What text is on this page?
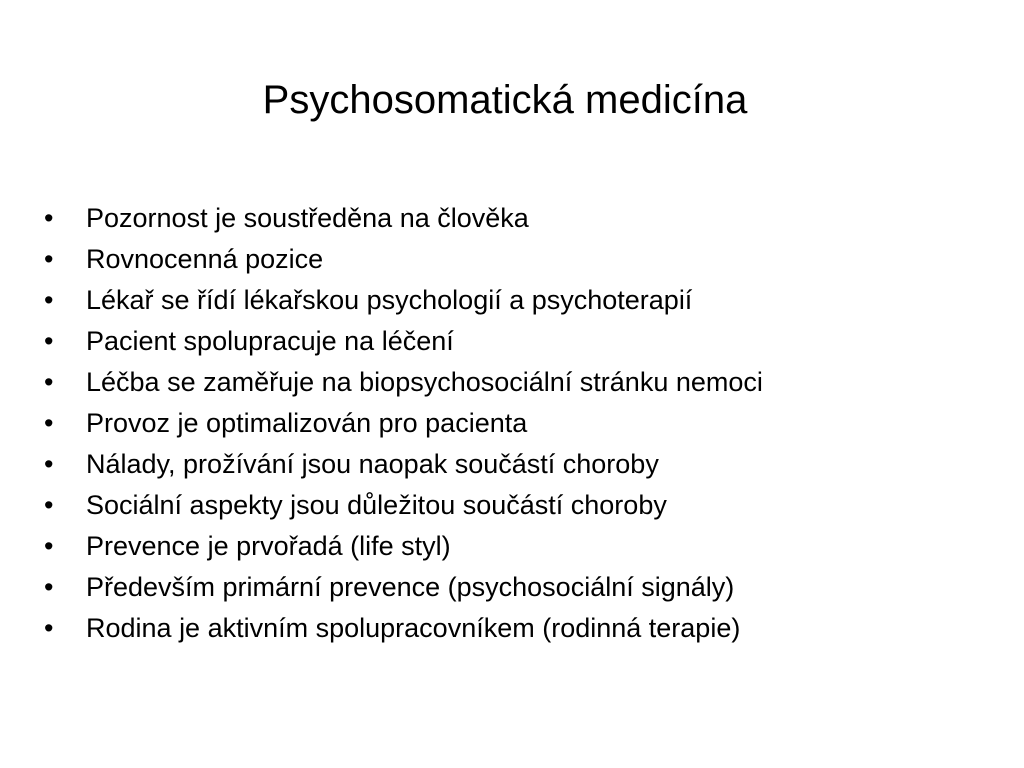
Psychosomatická medicína
•	Pozornost je soustředěna na člověka
•	Rovnocenná pozice
•	Lékař se řídí lékařskou psychologií a psychoterapií
•	Pacient spolupracuje na léčení
•	Léčba se zaměřuje na biopsychosociální stránku nemoci
•	Provoz je optimalizován pro pacienta
•	Nálady, prožívání jsou naopak součástí choroby
•	Sociální aspekty jsou důležitou součástí choroby
•	Prevence je prvořadá (life styl)
•	Především primární prevence (psychosociální signály)
•	Rodina je aktivním spolupracovníkem (rodinná terapie)
